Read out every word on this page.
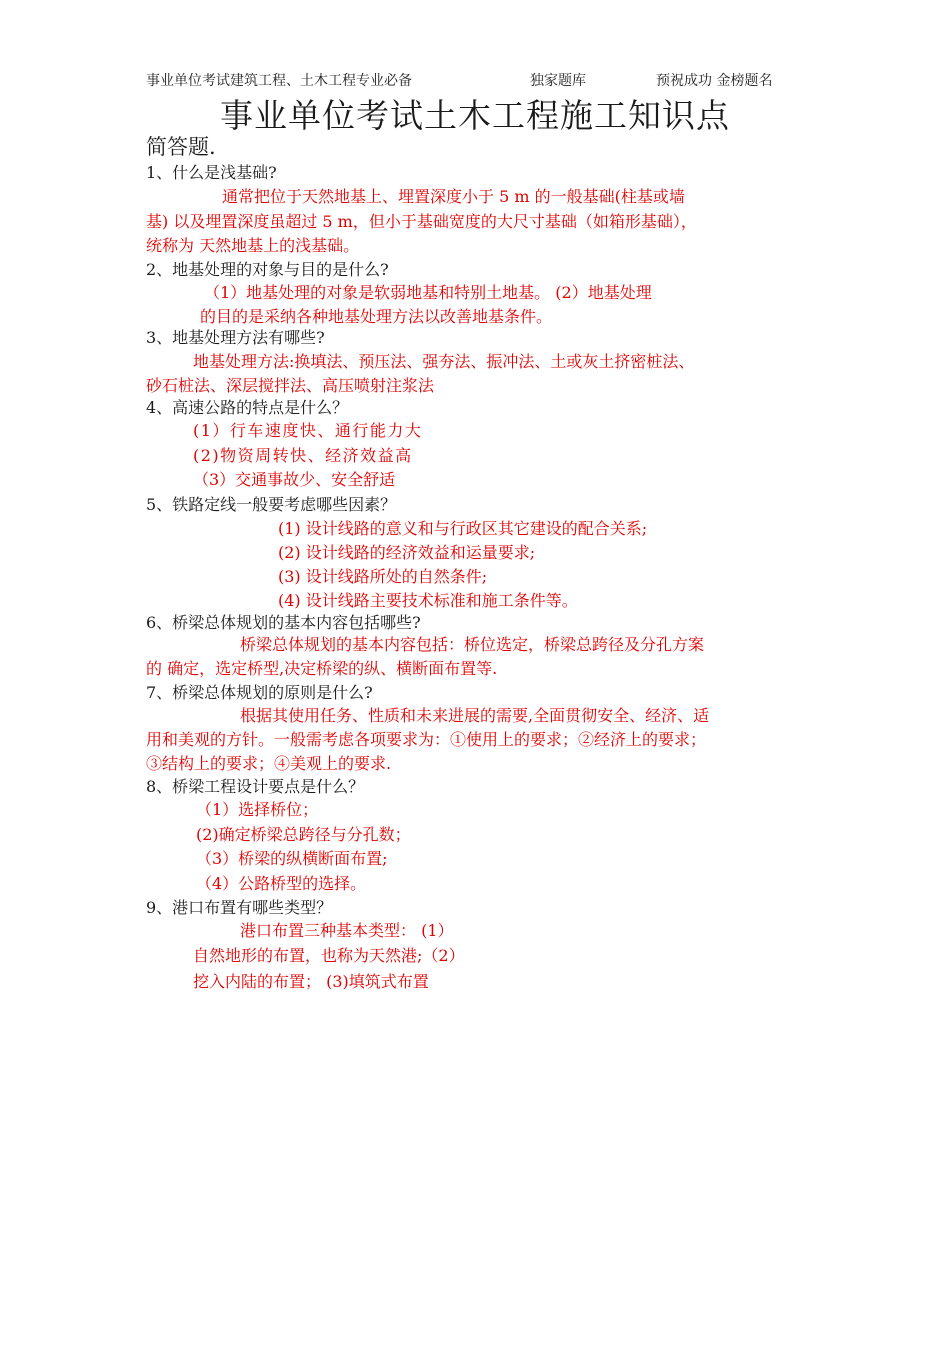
事业单位考试建筑工程、土木工程专业必备	独家题库	预祝成功 金榜题名
事业单位考试土木工程施工知识点
简答题.
1、什么是浅基础?
通常把位于天然地基上、埋置深度小于 5 m 的一般基础(柱基或墙
基) 以及埋置深度虽超过 5 m，但小于基础宽度的大尺寸基础（如箱形基础），
统称为 天然地基上的浅基础。
2、地基处理的对象与目的是什么?
（1）地基处理的对象是软弱地基和特别土地基。 (2）地基处理
的目的是采纳各种地基处理方法以改善地基条件。
3、地基处理方法有哪些?
地基处理方法:换填法、预压法、强夯法、振冲法、土或灰土挤密桩法、
砂石桩法、深层搅拌法、高压喷射注浆法
4、高速公路的特点是什么？
(1）行车速度快、通行能力大
(2)物资周转快、经济效益高
（3）交通事故少、安全舒适
5、铁路定线一般要考虑哪些因素？
(1) 设计线路的意义和与行政区其它建设的配合关系;
(2) 设计线路的经济效益和运量要求;
(3) 设计线路所处的自然条件;
(4) 设计线路主要技术标准和施工条件等。
6、桥梁总体规划的基本内容包括哪些?
桥梁总体规划的基本内容包括：桥位选定，桥梁总跨径及分孔方案
的 确定，选定桥型,决定桥梁的纵、横断面布置等.
7、桥梁总体规划的原则是什么?
根据其使用任务、性质和未来进展的需要,全面贯彻安全、经济、适
用和美观的方针。一般需考虑各项要求为：①使用上的要求；②经济上的要求；
③结构上的要求；④美观上的要求.
8、桥梁工程设计要点是什么？
（1）选择桥位；
(2)确定桥梁总跨径与分孔数；
（3）桥梁的纵横断面布置;
（4）公路桥型的选择。
9、港口布置有哪些类型？
港口布置三种基本类型： (1）
自然地形的布置，也称为天然港;（2）
挖入内陆的布置； (3)填筑式布置
